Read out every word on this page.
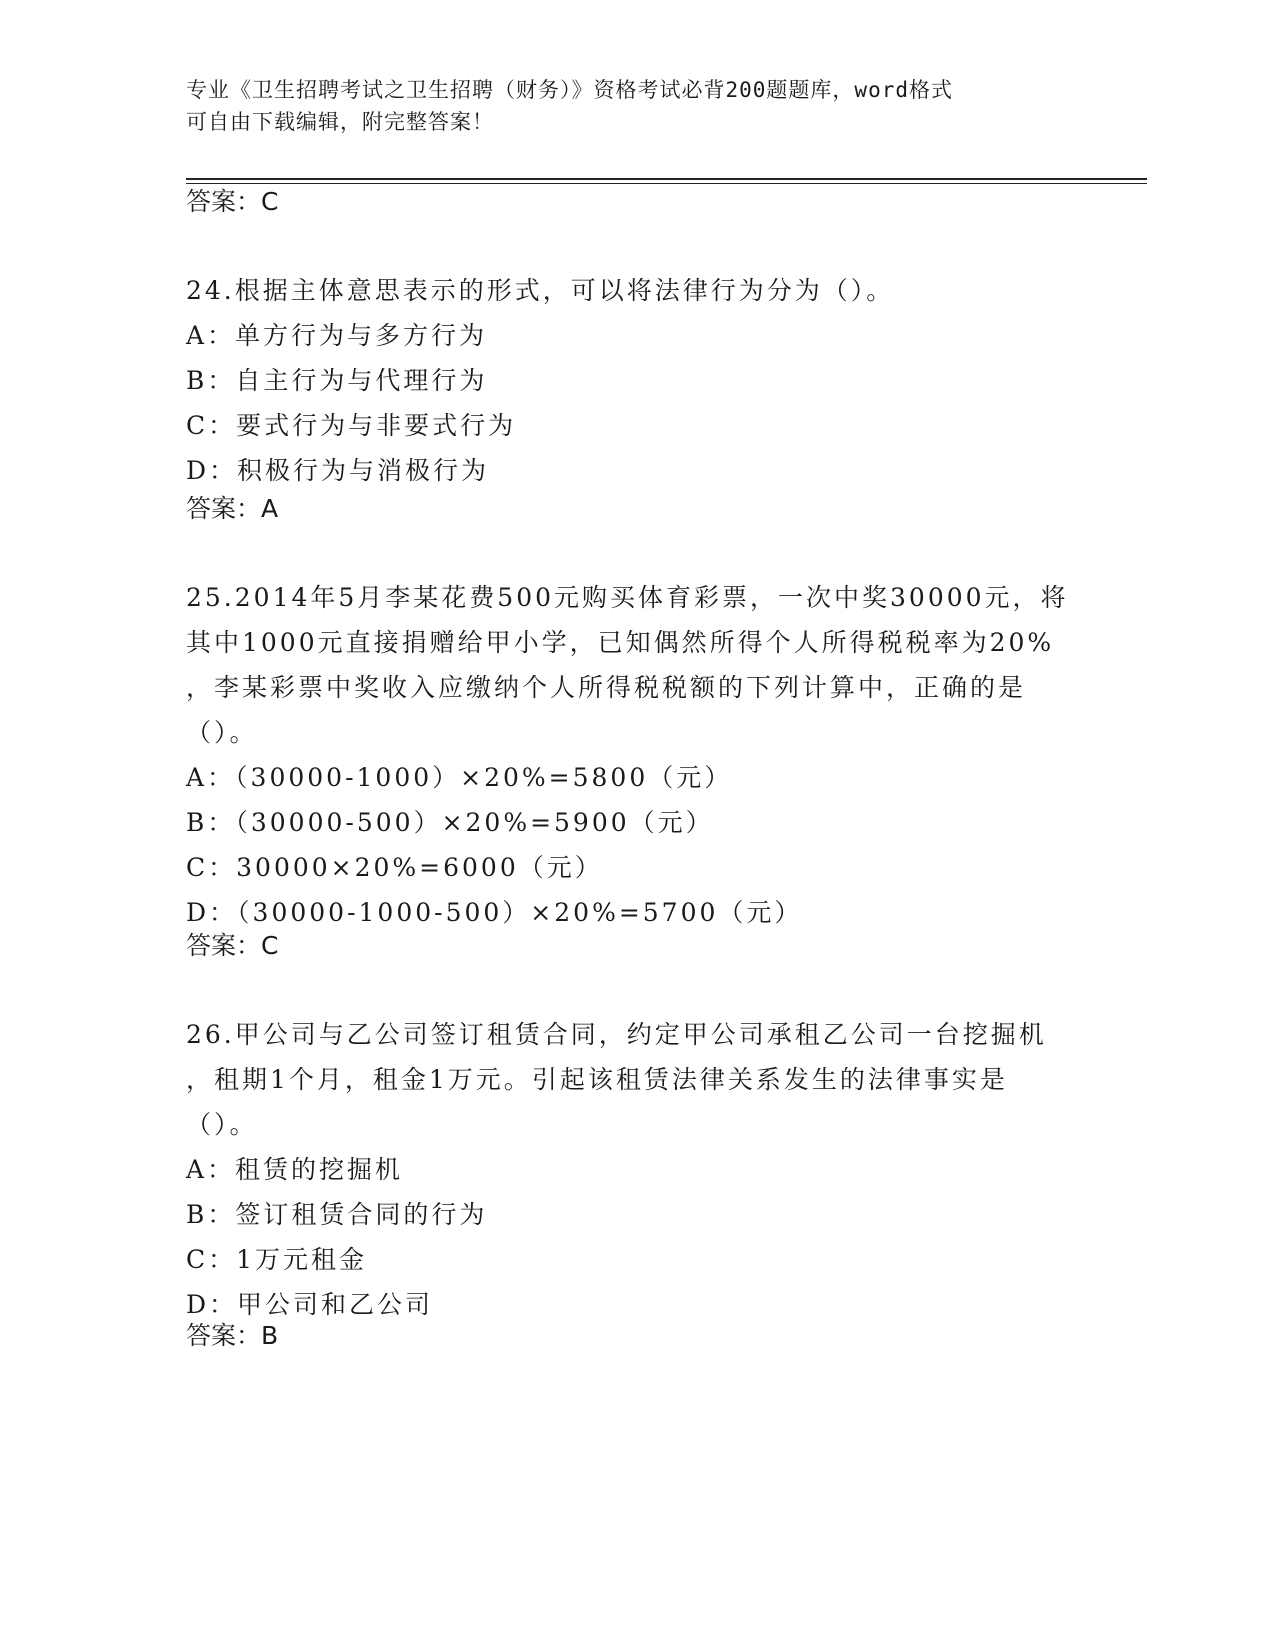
专业《卫生招聘考试之卫生招聘（财务）》资格考试必背200题题库，word格式
可自由下载编辑，附完整答案！
答案：C
24.根据主体意思表示的形式，可以将法律行为分为（）。
A：单方行为与多方行为
B：自主行为与代理行为
C：要式行为与非要式行为
D：积极行为与消极行为
答案：A
25.2014年5月李某花费500元购买体育彩票，一次中奖30000元，将
其中1000元直接捐赠给甲小学，已知偶然所得个人所得税税率为20%
，李某彩票中奖收入应缴纳个人所得税税额的下列计算中，正确的是
（）。
A：（30000-1000）×20%=5800（元）
B：（30000-500）×20%=5900（元）
C：30000×20%=6000（元）
D：（30000-1000-500）×20%=5700（元）
答案：C
26.甲公司与乙公司签订租赁合同，约定甲公司承租乙公司一台挖掘机
，租期1个月，租金1万元。引起该租赁法律关系发生的法律事实是
（）。
A：租赁的挖掘机
B：签订租赁合同的行为
C：1万元租金
D：甲公司和乙公司
答案：B
